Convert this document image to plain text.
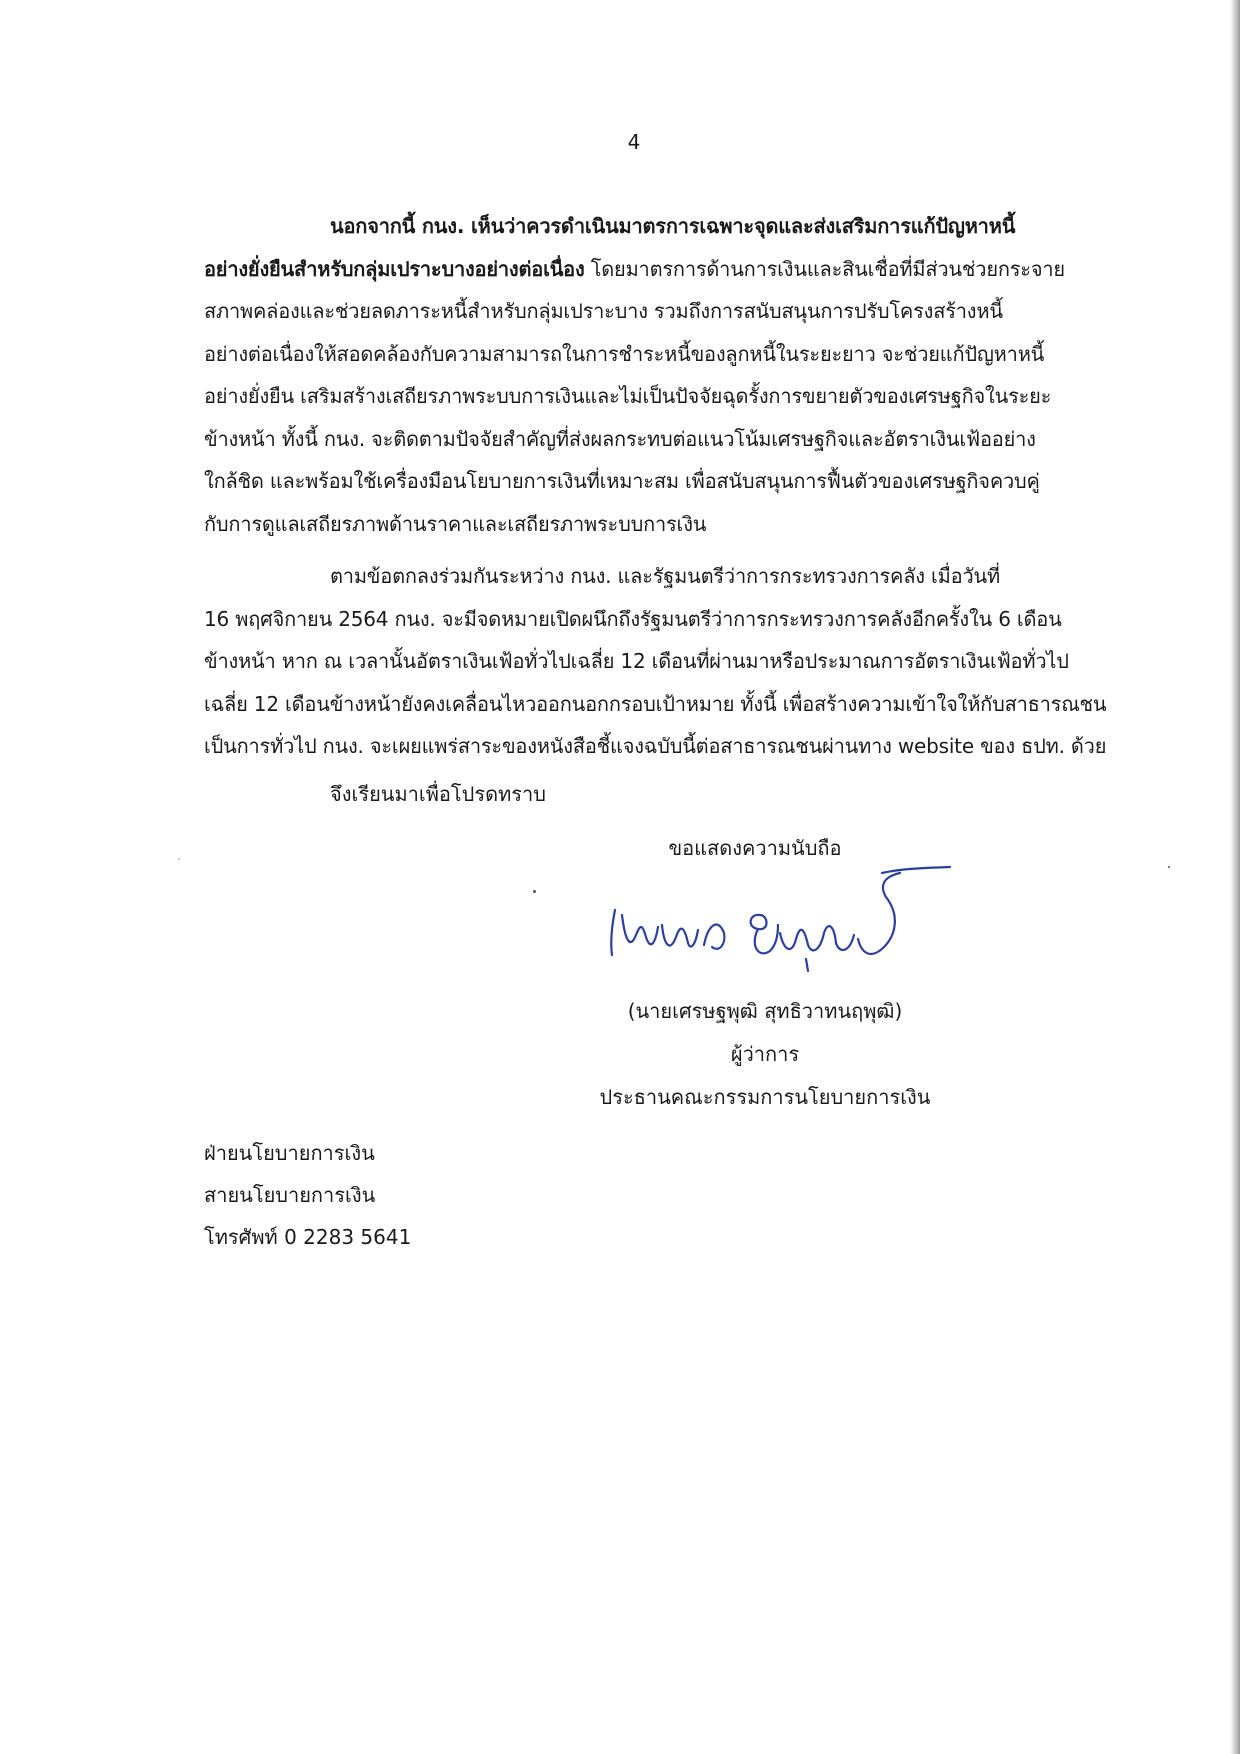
4
นอกจากนี้ กนง. เห็นว่าควรดำเนินมาตรการเฉพาะจุดและส่งเสริมการแก้ปัญหาหนี้
อย่างยั่งยืนสำหรับกลุ่มเปราะบางอย่างต่อเนื่อง โดยมาตรการด้านการเงินและสินเชื่อที่มีส่วนช่วยกระจาย
สภาพคล่องและช่วยลดภาระหนี้สำหรับกลุ่มเปราะบาง รวมถึงการสนับสนุนการปรับโครงสร้างหนี้
อย่างต่อเนื่องให้สอดคล้องกับความสามารถในการชำระหนี้ของลูกหนี้ในระยะยาว จะช่วยแก้ปัญหาหนี้
อย่างยั่งยืน เสริมสร้างเสถียรภาพระบบการเงินและไม่เป็นปัจจัยฉุดรั้งการขยายตัวของเศรษฐกิจในระยะ
ข้างหน้า ทั้งนี้ กนง. จะติดตามปัจจัยสำคัญที่ส่งผลกระทบต่อแนวโน้มเศรษฐกิจและอัตราเงินเฟ้ออย่าง
ใกล้ชิด และพร้อมใช้เครื่องมือนโยบายการเงินที่เหมาะสม เพื่อสนับสนุนการฟื้นตัวของเศรษฐกิจควบคู่
กับการดูแลเสถียรภาพด้านราคาและเสถียรภาพระบบการเงิน
ตามข้อตกลงร่วมกันระหว่าง กนง. และรัฐมนตรีว่าการกระทรวงการคลัง เมื่อวันที่
16 พฤศจิกายน 2564 กนง. จะมีจดหมายเปิดผนึกถึงรัฐมนตรีว่าการกระทรวงการคลังอีกครั้งใน 6 เดือน
ข้างหน้า หาก ณ เวลานั้นอัตราเงินเฟ้อทั่วไปเฉลี่ย 12 เดือนที่ผ่านมาหรือประมาณการอัตราเงินเฟ้อทั่วไป
เฉลี่ย 12 เดือนข้างหน้ายังคงเคลื่อนไหวออกนอกกรอบเป้าหมาย ทั้งนี้ เพื่อสร้างความเข้าใจให้กับสาธารณชน
เป็นการทั่วไป กนง. จะเผยแพร่สาระของหนังสือชี้แจงฉบับนี้ต่อสาธารณชนผ่านทาง website ของ ธปท. ด้วย
จึงเรียนมาเพื่อโปรดทราบ
ขอแสดงความนับถือ
(นายเศรษฐพุฒิ สุทธิวาทนฤพุฒิ)
ผู้ว่าการ
ประธานคณะกรรมการนโยบายการเงิน
ฝ่ายนโยบายการเงิน
สายนโยบายการเงิน
โทรศัพท์ 0 2283 5641
